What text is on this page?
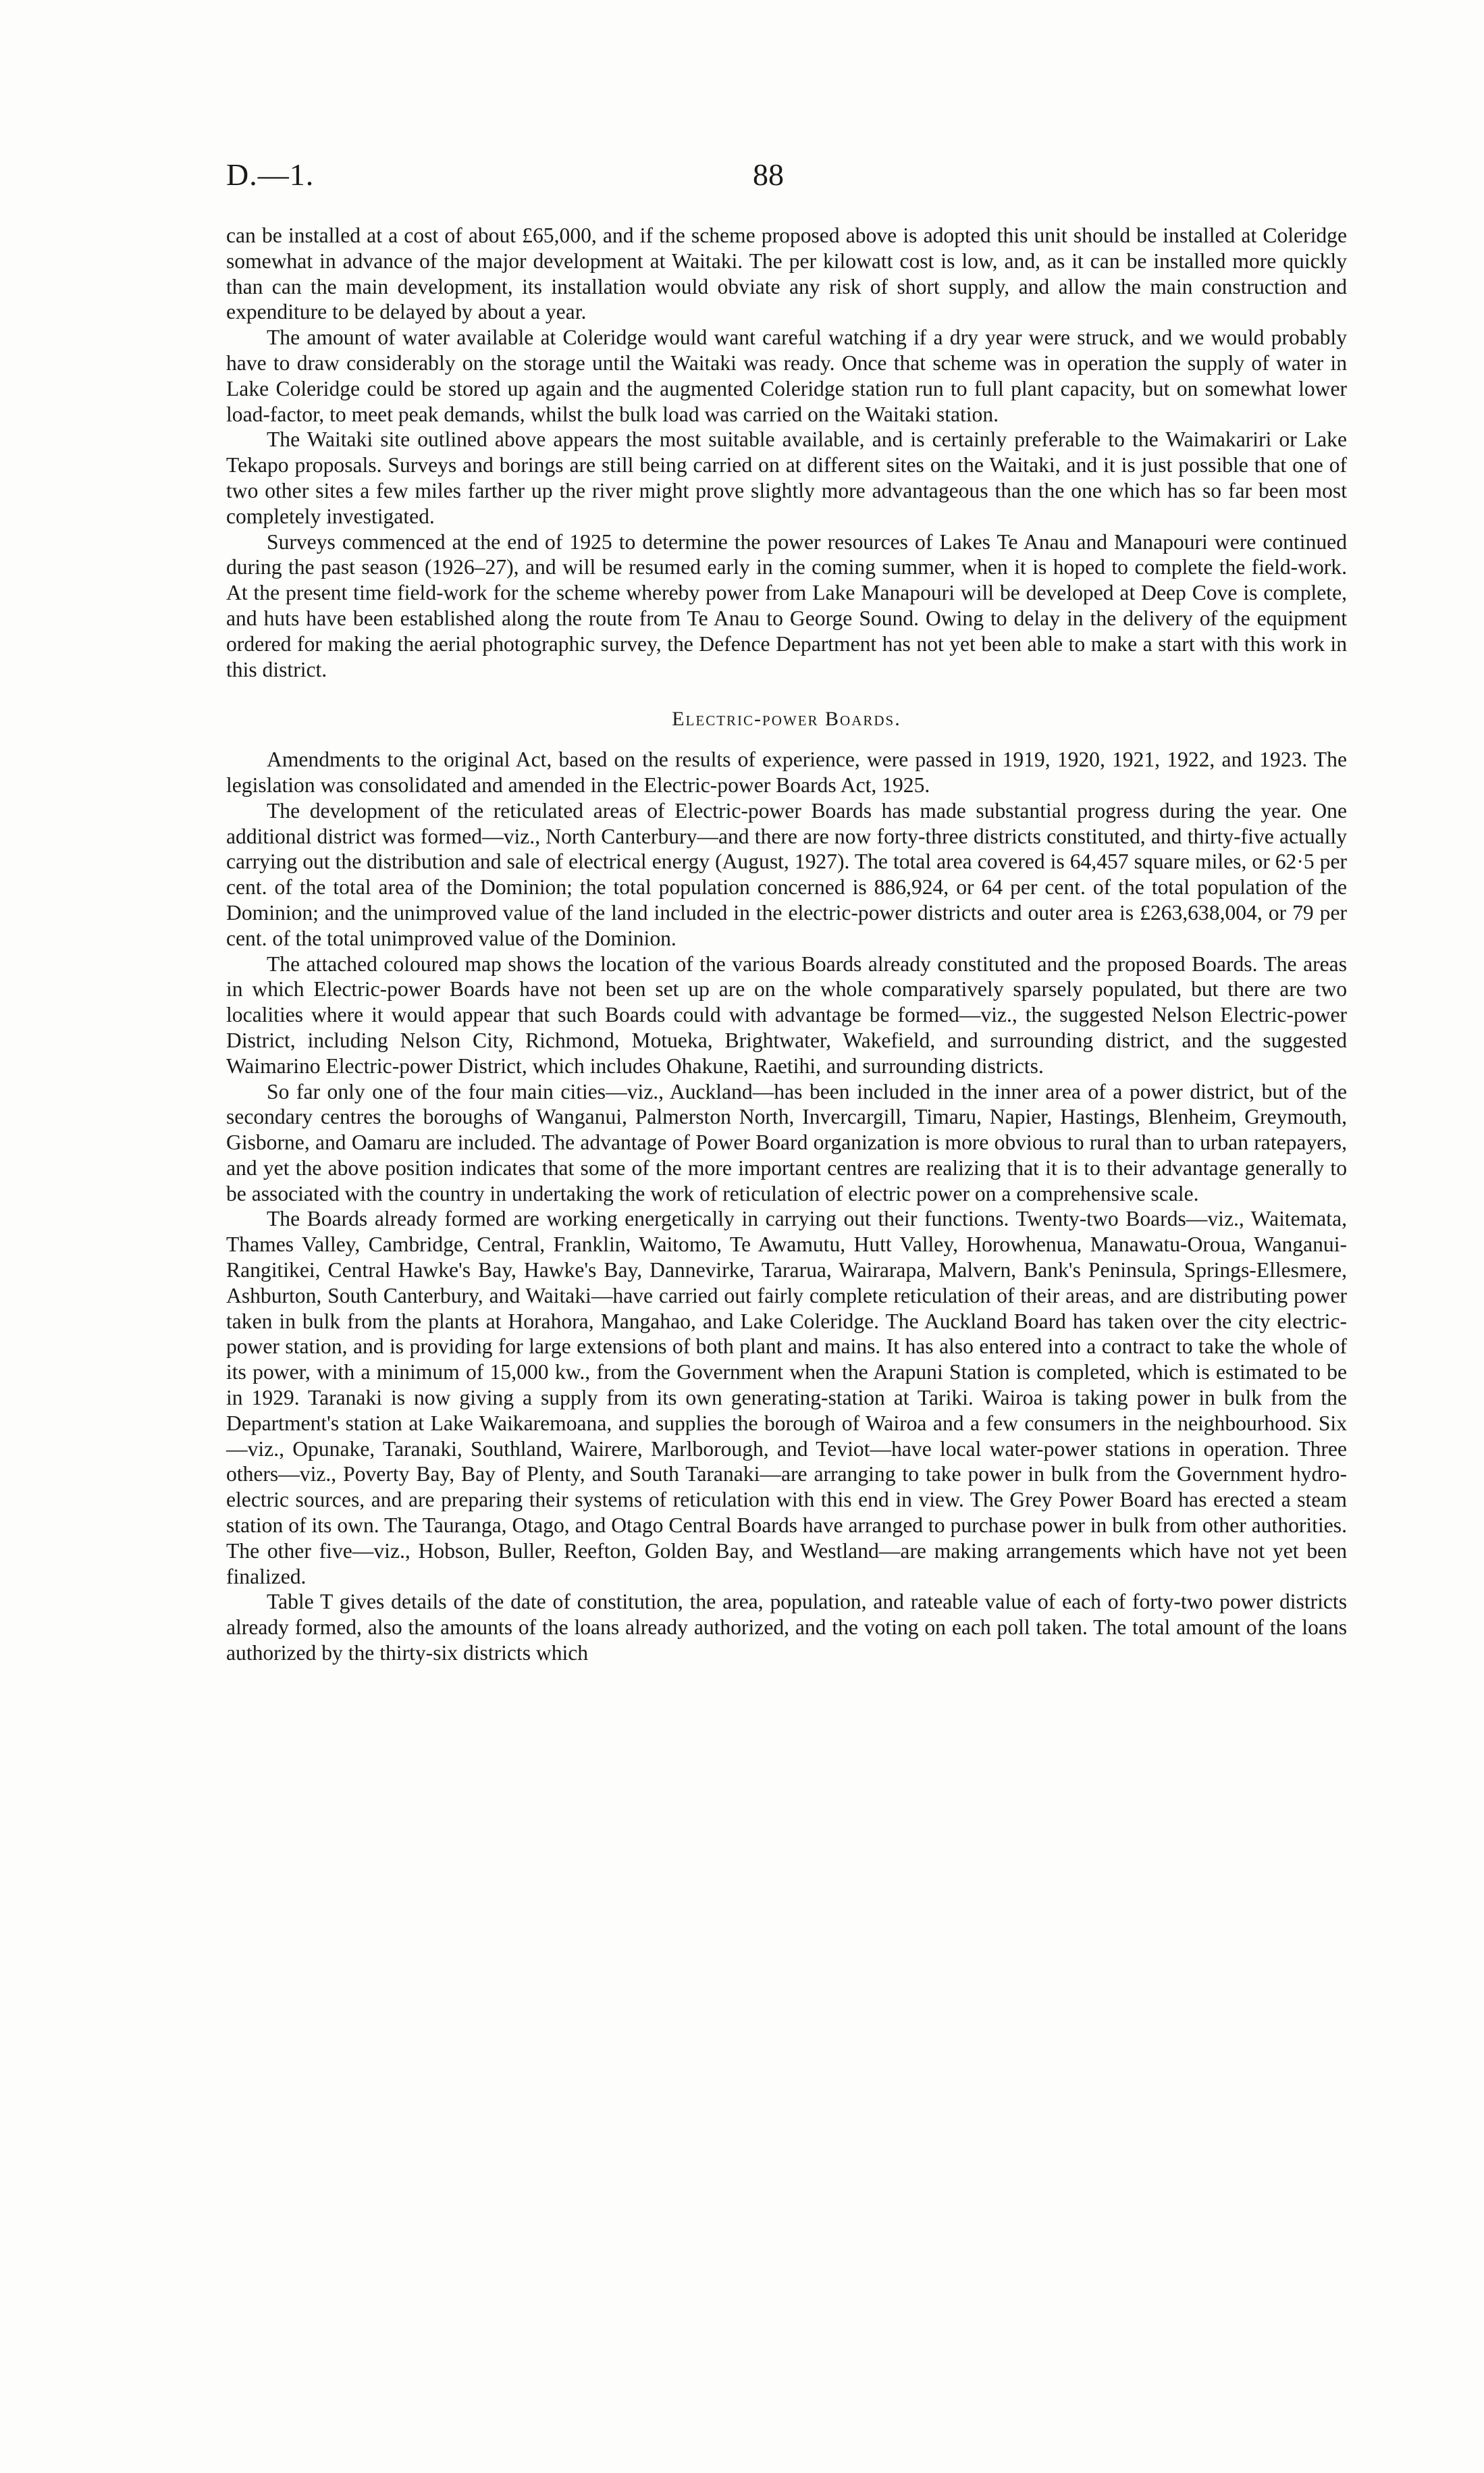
D.—1.	88

can be installed at a cost of about £65,000, and if the scheme proposed above is adopted this unit should be installed at Coleridge somewhat in advance of the major development at Waitaki. The per kilowatt cost is low, and, as it can be installed more quickly than can the main development, its installation would obviate any risk of short supply, and allow the main construction and expenditure to be delayed by about a year.

The amount of water available at Coleridge would want careful watching if a dry year were struck, and we would probably have to draw considerably on the storage until the Waitaki was ready. Once that scheme was in operation the supply of water in Lake Coleridge could be stored up again and the augmented Coleridge station run to full plant capacity, but on somewhat lower load-factor, to meet peak demands, whilst the bulk load was carried on the Waitaki station.

The Waitaki site outlined above appears the most suitable available, and is certainly preferable to the Waimakariri or Lake Tekapo proposals. Surveys and borings are still being carried on at different sites on the Waitaki, and it is just possible that one of two other sites a few miles farther up the river might prove slightly more advantageous than the one which has so far been most completely investigated.

Surveys commenced at the end of 1925 to determine the power resources of Lakes Te Anau and Manapouri were continued during the past season (1926–27), and will be resumed early in the coming summer, when it is hoped to complete the field-work. At the present time field-work for the scheme whereby power from Lake Manapouri will be developed at Deep Cove is complete, and huts have been established along the route from Te Anau to George Sound. Owing to delay in the delivery of the equipment ordered for making the aerial photographic survey, the Defence Department has not yet been able to make a start with this work in this district.

Electric-power Boards.

Amendments to the original Act, based on the results of experience, were passed in 1919, 1920, 1921, 1922, and 1923. The legislation was consolidated and amended in the Electric-power Boards Act, 1925.

The development of the reticulated areas of Electric-power Boards has made substantial progress during the year. One additional district was formed—viz., North Canterbury—and there are now forty-three districts constituted, and thirty-five actually carrying out the distribution and sale of electrical energy (August, 1927). The total area covered is 64,457 square miles, or 62·5 per cent. of the total area of the Dominion; the total population concerned is 886,924, or 64 per cent. of the total population of the Dominion; and the unimproved value of the land included in the electric-power districts and outer area is £263,638,004, or 79 per cent. of the total unimproved value of the Dominion.

The attached coloured map shows the location of the various Boards already constituted and the proposed Boards. The areas in which Electric-power Boards have not been set up are on the whole comparatively sparsely populated, but there are two localities where it would appear that such Boards could with advantage be formed—viz., the suggested Nelson Electric-power District, including Nelson City, Richmond, Motueka, Brightwater, Wakefield, and surrounding district, and the suggested Waimarino Electric-power District, which includes Ohakune, Raetihi, and surrounding districts.

So far only one of the four main cities—viz., Auckland—has been included in the inner area of a power district, but of the secondary centres the boroughs of Wanganui, Palmerston North, Invercargill, Timaru, Napier, Hastings, Blenheim, Greymouth, Gisborne, and Oamaru are included. The advantage of Power Board organization is more obvious to rural than to urban ratepayers, and yet the above position indicates that some of the more important centres are realizing that it is to their advantage generally to be associated with the country in undertaking the work of reticulation of electric power on a comprehensive scale.

The Boards already formed are working energetically in carrying out their functions. Twenty-two Boards—viz., Waitemata, Thames Valley, Cambridge, Central, Franklin, Waitomo, Te Awamutu, Hutt Valley, Horowhenua, Manawatu-Oroua, Wanganui-Rangitikei, Central Hawke's Bay, Hawke's Bay, Dannevirke, Tararua, Wairarapa, Malvern, Bank's Peninsula, Springs-Ellesmere, Ashburton, South Canterbury, and Waitaki—have carried out fairly complete reticulation of their areas, and are distributing power taken in bulk from the plants at Horahora, Mangahao, and Lake Coleridge. The Auckland Board has taken over the city electric-power station, and is providing for large extensions of both plant and mains. It has also entered into a contract to take the whole of its power, with a minimum of 15,000 kw., from the Government when the Arapuni Station is completed, which is estimated to be in 1929. Taranaki is now giving a supply from its own generating-station at Tariki. Wairoa is taking power in bulk from the Department's station at Lake Waikaremoana, and supplies the borough of Wairoa and a few consumers in the neighbourhood. Six—viz., Opunake, Taranaki, Southland, Wairere, Marlborough, and Teviot—have local water-power stations in operation. Three others—viz., Poverty Bay, Bay of Plenty, and South Taranaki—are arranging to take power in bulk from the Government hydro-electric sources, and are preparing their systems of reticulation with this end in view. The Grey Power Board has erected a steam station of its own. The Tauranga, Otago, and Otago Central Boards have arranged to purchase power in bulk from other authorities. The other five—viz., Hobson, Buller, Reefton, Golden Bay, and Westland—are making arrangements which have not yet been finalized.

Table T gives details of the date of constitution, the area, population, and rateable value of each of forty-two power districts already formed, also the amounts of the loans already authorized, and the voting on each poll taken. The total amount of the loans authorized by the thirty-six districts which
